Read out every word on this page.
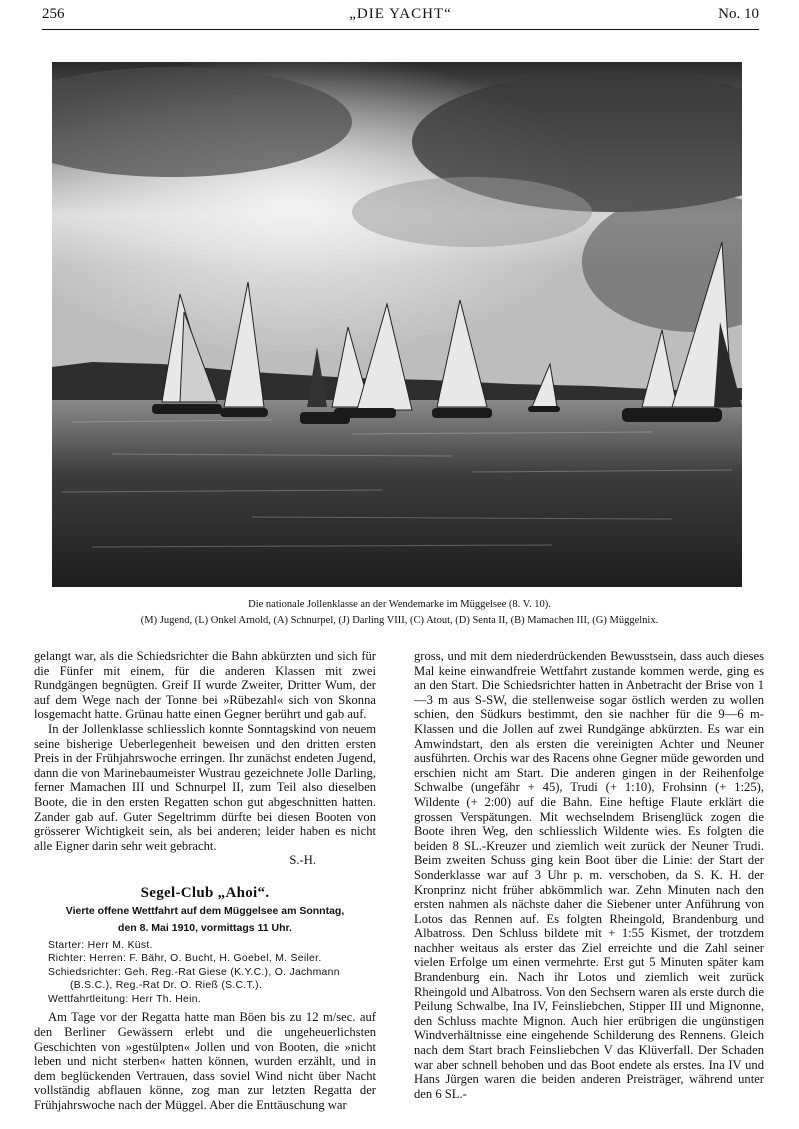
256	„DIE YACHT“	No. 10
Die nationale Jollenklasse an der Wendemarke im Müggelsee (8. V. 10).
(M) Jugend, (L) Onkel Arnold, (A) Schnurpel, (J) Darling VIII, (C) Atout, (D) Senta II, (B) Mamachen III, (G) Müggelnix.

gelangt war, als die Schiedsrichter die Bahn abkürzten und sich für die Fünfer mit einem, für die anderen Klassen mit zwei Rundgängen begnügten. Greif II wurde Zweiter, Dritter Wum, der auf dem Wege nach der Tonne bei »Rübezahl« sich von Skonna losgemacht hatte. Grünau hatte einen Gegner berührt und gab auf.

In der Jollenklasse schliesslich konnte Sonntagskind von neuem seine bisherige Ueberlegenheit beweisen und den dritten ersten Preis in der Frühjahrswoche erringen. Ihr zunächst endeten Jugend, dann die von Marinebaumeister Wustrau gezeichnete Jolle Darling, ferner Mamachen III und Schnurpel II, zum Teil also dieselben Boote, die in den ersten Regatten schon gut abgeschnitten hatten. Zander gab auf. Guter Segeltrimm dürfte bei diesen Booten von grösserer Wichtigkeit sein, als bei anderen; leider haben es nicht alle Eigner darin sehr weit gebracht.

S.-H.

Segel-Club „Ahoi“.
Vierte offene Wettfahrt auf dem Müggelsee am Sonntag,
den 8. Mai 1910, vormittags 11 Uhr.

Starter: Herr M. Küst.

Richter: Herren: F. Bähr, O. Bucht, H. Goebel, M. Seiler.

Schiedsrichter: Geh. Reg.-Rat Giese (K.Y.C.), O. Jachmann

(B.S.C.), Reg.-Rat Dr. O. Rieß (S.C.T.).

Wettfahrtleitung: Herr Th. Hein.

Am Tage vor der Regatta hatte man Böen bis zu 12 m/sec. auf den Berliner Gewässern erlebt und die ungeheuerlichsten Geschichten von »gestülpten« Jollen und von Booten, die »nicht leben und nicht sterben« hatten können, wurden erzählt, und in dem beglückenden Vertrauen, dass soviel Wind nicht über Nacht vollständig abflauen könne, zog man zur letzten Regatta der Frühjahrswoche nach der Müggel. Aber die Enttäuschung war

gross, und mit dem niederdrückenden Bewusstsein, dass auch dieses Mal keine einwandfreie Wettfahrt zustande kommen werde, ging es an den Start. Die Schiedsrichter hatten in Anbetracht der Brise von 1—3 m aus S-SW, die stellenweise sogar östlich werden zu wollen schien, den Südkurs bestimmt, den sie nachher für die 9—6 m-Klassen und die Jollen auf zwei Rundgänge abkürzten. Es war ein Amwindstart, den als ersten die vereinigten Achter und Neuner ausführten. Orchis war des Racens ohne Gegner müde geworden und erschien nicht am Start. Die anderen gingen in der Reihenfolge Schwalbe (ungefähr + 45), Trudi (+ 1:10), Frohsinn (+ 1:25), Wildente (+ 2:00) auf die Bahn. Eine heftige Flaute erklärt die grossen Verspätungen. Mit wechselndem Brisenglück zogen die Boote ihren Weg, den schliesslich Wildente wies. Es folgten die beiden 8 SL.-Kreuzer und ziemlich weit zurück der Neuner Trudi. Beim zweiten Schuss ging kein Boot über die Linie: der Start der Sonderklasse war auf 3 Uhr p. m. verschoben, da S. K. H. der Kronprinz nicht früher abkömmlich war. Zehn Minuten nach den ersten nahmen als nächste daher die Siebener unter Anführung von Lotos das Rennen auf. Es folgten Rheingold, Brandenburg und Albatross. Den Schluss bildete mit + 1:55 Kismet, der trotzdem nachher weitaus als erster das Ziel erreichte und die Zahl seiner vielen Erfolge um einen vermehrte. Erst gut 5 Minuten später kam Brandenburg ein. Nach ihr Lotos und ziemlich weit zurück Rheingold und Albatross. Von den Sechsern waren als erste durch die Peilung Schwalbe, Ina IV, Feinsliebchen, Stipper III und Mignonne, den Schluss machte Mignon. Auch hier erübrigen die ungünstigen Windverhältnisse eine eingehende Schilderung des Rennens. Gleich nach dem Start brach Feinsliebchen V das Klüverfall. Der Schaden war aber schnell behoben und das Boot endete als erstes. Ina IV und Hans Jürgen waren die beiden anderen Preisträger, während unter den 6 SL.-
